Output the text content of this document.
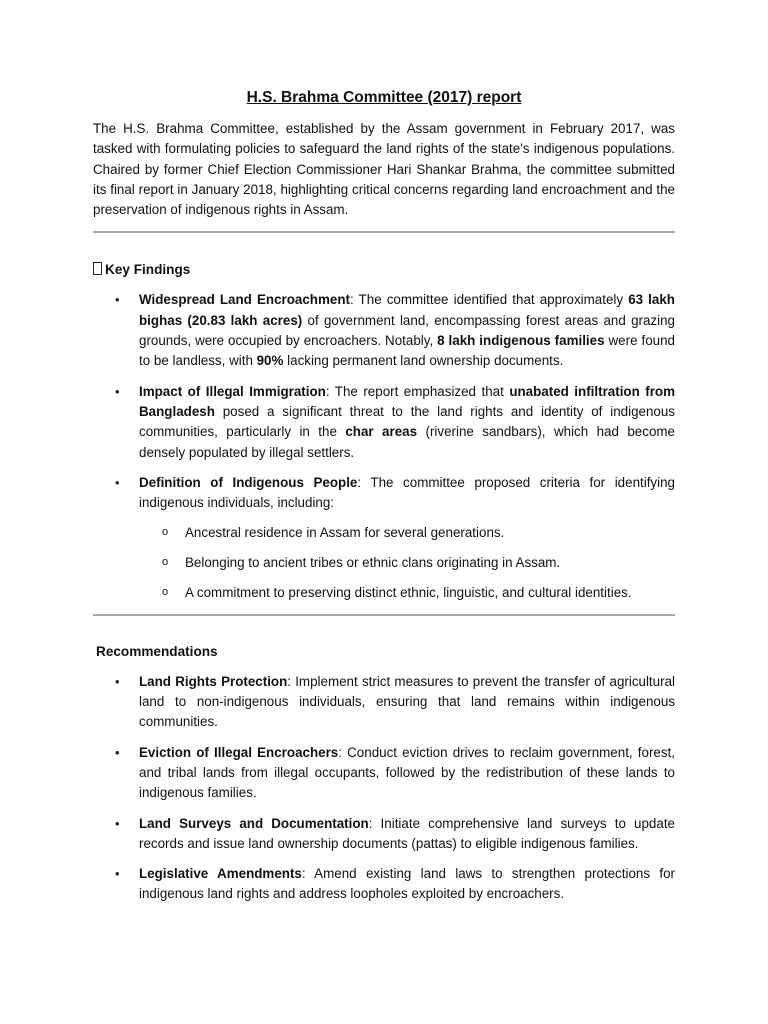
H.S. Brahma Committee (2017) report

The H.S. Brahma Committee, established by the Assam government in February 2017, was tasked with formulating policies to safeguard the land rights of the state's indigenous populations. Chaired by former Chief Election Commissioner Hari Shankar Brahma, the committee submitted its final report in January 2018, highlighting critical concerns regarding land encroachment and the preservation of indigenous rights in Assam.

Key Findings
• Widespread Land Encroachment: The committee identified that approximately 63 lakh bighas (20.83 lakh acres) of government land, encompassing forest areas and grazing grounds, were occupied by encroachers. Notably, 8 lakh indigenous families were found to be landless, with 90% lacking permanent land ownership documents.
• Impact of Illegal Immigration: The report emphasized that unabated infiltration from Bangladesh posed a significant threat to the land rights and identity of indigenous communities, particularly in the char areas (riverine sandbars), which had become densely populated by illegal settlers.
• Definition of Indigenous People: The committee proposed criteria for identifying indigenous individuals, including:
o Ancestral residence in Assam for several generations.
o Belonging to ancient tribes or ethnic clans originating in Assam.
o A commitment to preserving distinct ethnic, linguistic, and cultural identities.
Recommendations
• Land Rights Protection: Implement strict measures to prevent the transfer of agricultural land to non-indigenous individuals, ensuring that land remains within indigenous communities.
• Eviction of Illegal Encroachers: Conduct eviction drives to reclaim government, forest, and tribal lands from illegal occupants, followed by the redistribution of these lands to indigenous families.
• Land Surveys and Documentation: Initiate comprehensive land surveys to update records and issue land ownership documents (pattas) to eligible indigenous families.
• Legislative Amendments: Amend existing land laws to strengthen protections for indigenous land rights and address loopholes exploited by encroachers.
